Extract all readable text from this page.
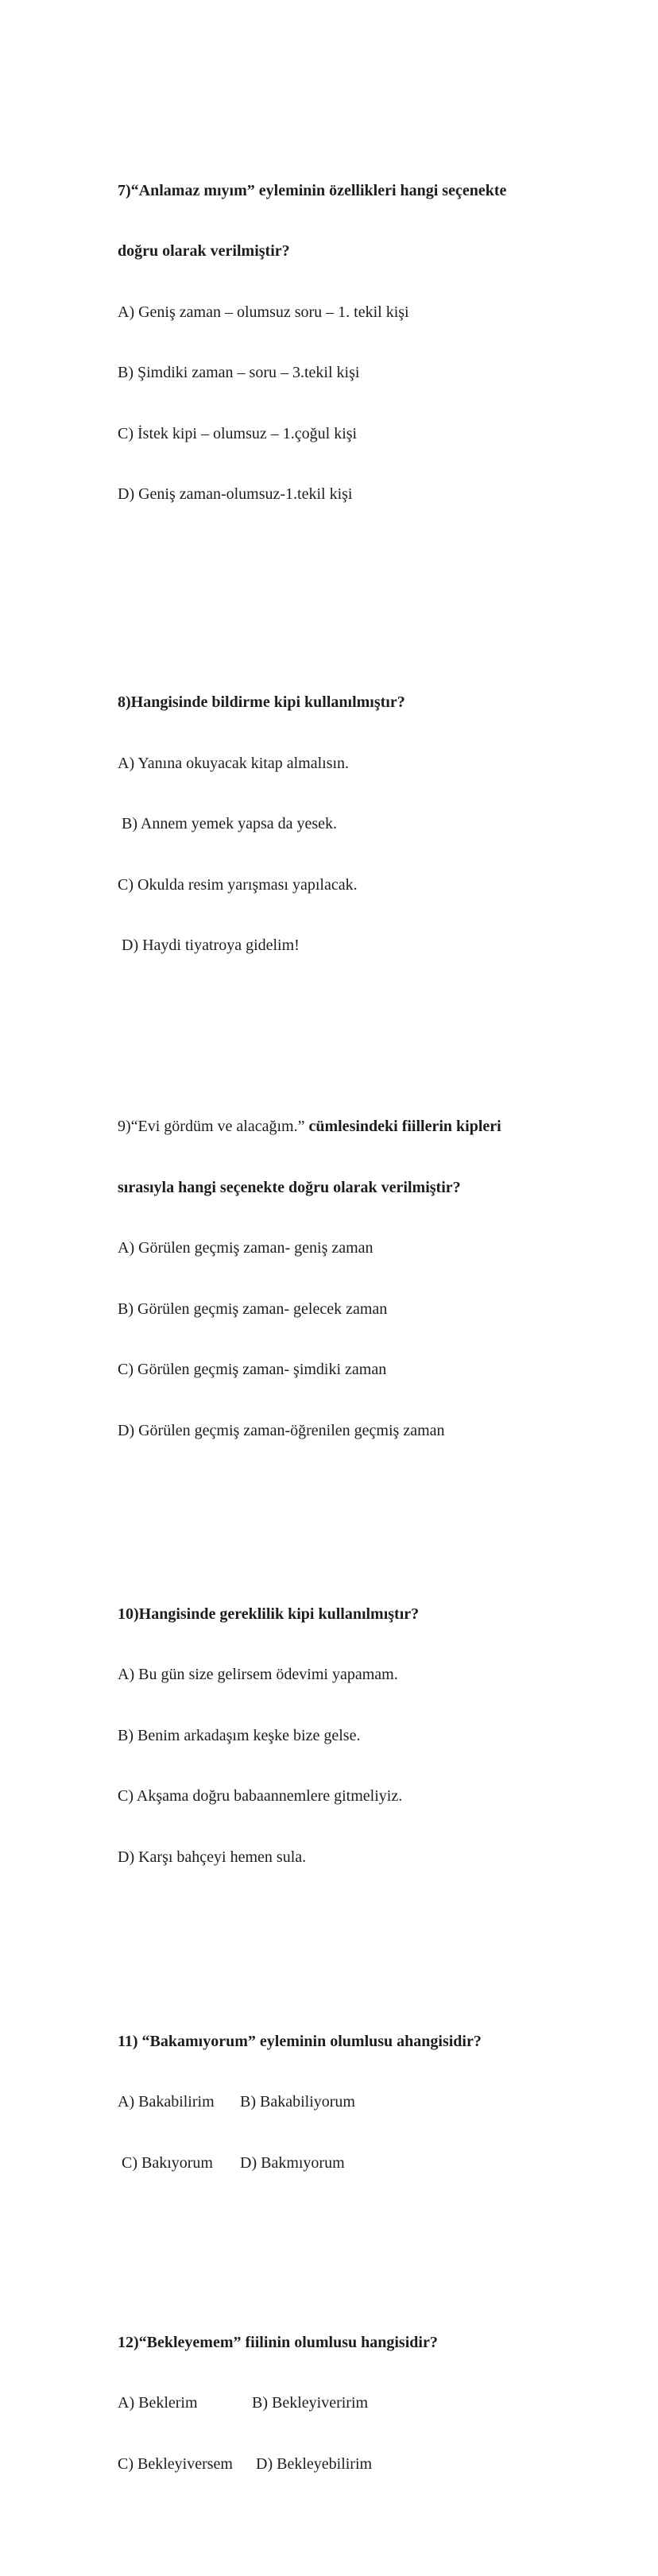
7)“Anlamaz mıyım” eyleminin özellikleri hangi seçenekte

doğru olarak verilmiştir?

A) Geniş zaman – olumsuz soru – 1. tekil kişi

B) Şimdiki zaman – soru – 3.tekil kişi

C) İstek kipi – olumsuz – 1.çoğul kişi

D) Geniş zaman-olumsuz-1.tekil kişi

8)Hangisinde bildirme kipi kullanılmıştır?

A) Yanına okuyacak kitap almalısın.

B) Annem yemek yapsa da yesek.

C) Okulda resim yarışması yapılacak.

D) Haydi tiyatroya gidelim!

9)“Evi gördüm ve alacağım.” cümlesindeki fiillerin kipleri

sırasıyla hangi seçenekte doğru olarak verilmiştir?

A) Görülen geçmiş zaman- geniş zaman

B) Görülen geçmiş zaman- gelecek zaman

C) Görülen geçmiş zaman- şimdiki zaman

D) Görülen geçmiş zaman-öğrenilen geçmiş zaman

10)Hangisinde gereklilik kipi kullanılmıştır?

A) Bu gün size gelirsem ödevimi yapamam.

B) Benim arkadaşım keşke bize gelse.

C) Akşama doğru babaannemlere gitmeliyiz.

D) Karşı bahçeyi hemen sula.

11) “Bakamıyorum” eyleminin olumlusu ahangisidir?

A) Bakabilirim B) Bakabiliyorum

C) Bakıyorum D) Bakmıyorum

12)“Bekleyemem” fiilinin olumlusu hangisidir?

A) Beklerim	B) Bekleyiveririm

C) Bekleyiversem D) Bekleyebilirim
